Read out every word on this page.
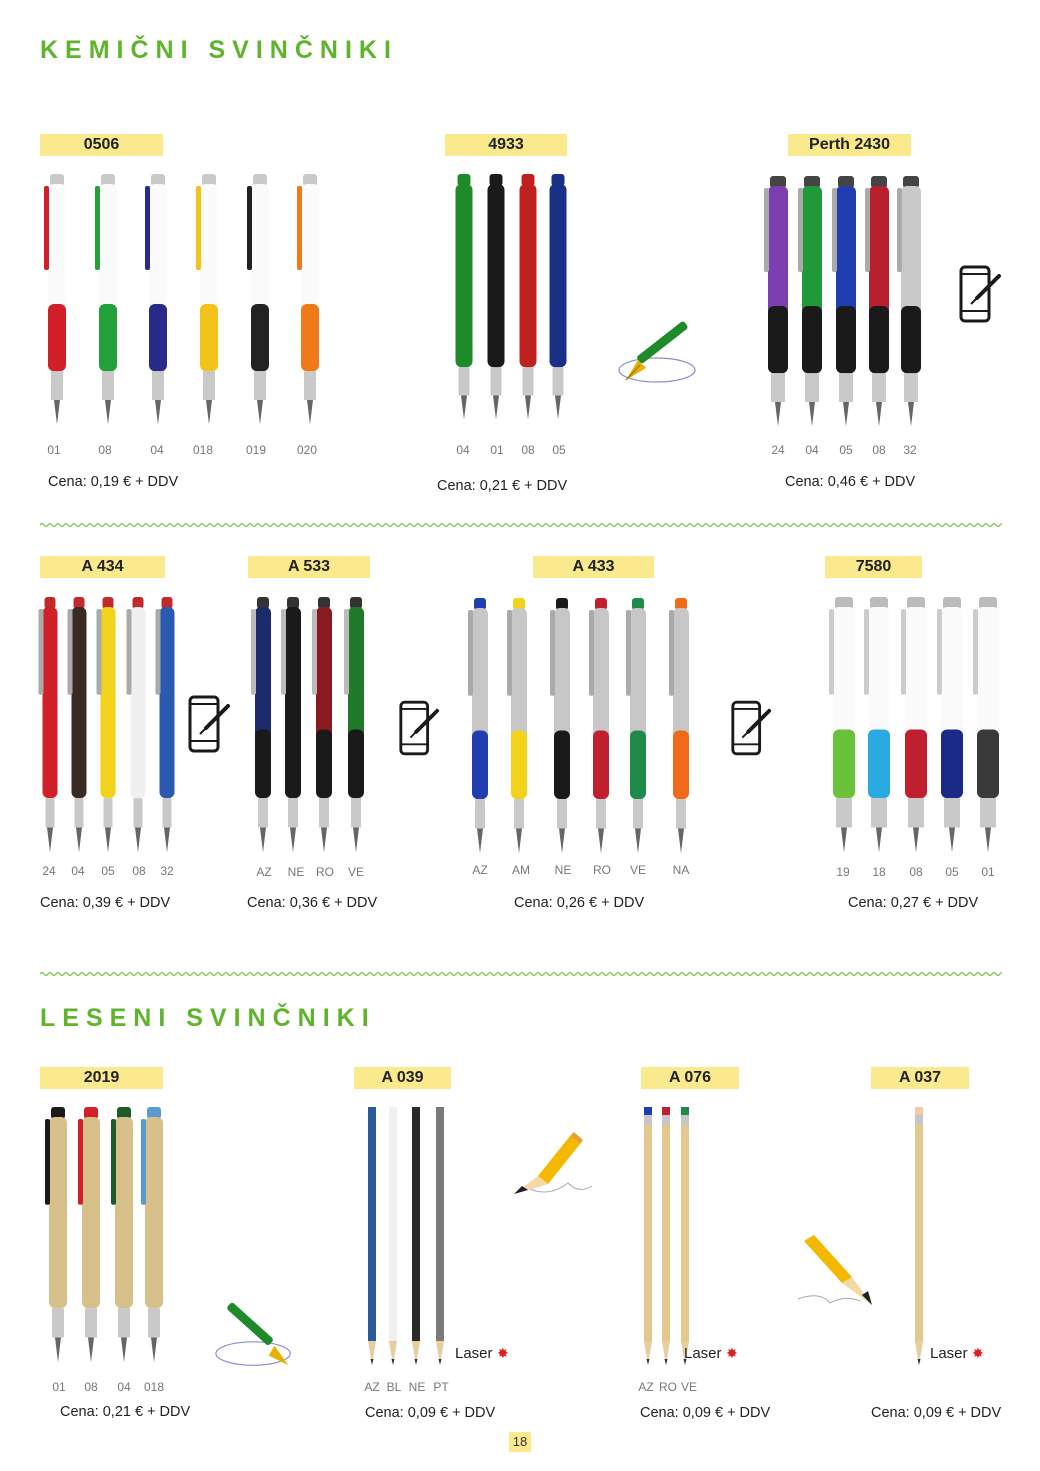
KEMIČNI SVINČNIKI
LESENI SVINČNIKI
0506
01	08	04 018	019	020
Cena: 0,19 € + DDV
4933
04 01 08 05
Cena: 0,21 € + DDV
Perth 2430
24 04 05 08 32
Cena: 0,46 € + DDV
A 434
24 04 05 08 32
Cena: 0,39 € + DDV
A 533
AZ NE RO VE
Cena: 0,36 € + DDV
A 433
AZ AM NE RO VE NA
Cena: 0,26 € + DDV
7580
19 18 08 05 01
Cena: 0,27 € + DDV
2019
01 08 04 018
Cena: 0,21 € + DDV
A 039
AZ BL NE PT
Cena: 0,09 € + DDV
Laser ✸
A 076
AZ RO VE
Cena: 0,09 € + DDV
Laser ✸
A 037
Cena: 0,09 € + DDV
Laser ✸
18
